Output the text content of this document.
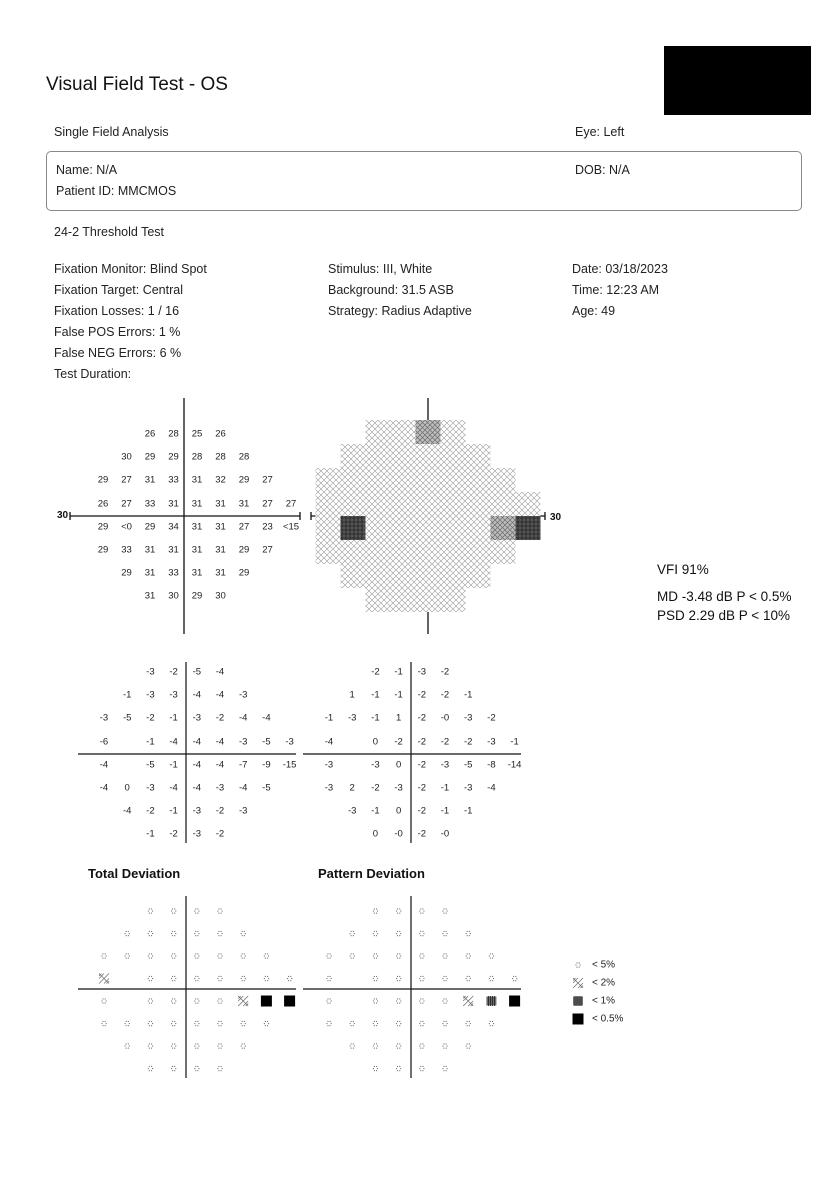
Visual Field Test - OS
Single Field Analysis	Eye: Left
Name: N/A
Patient ID: MMCMOS
DOB: N/A
24-2 Threshold Test
Fixation Monitor: Blind Spot
Fixation Target: Central
Fixation Losses: 1 / 16
False POS Errors: 1 %
False NEG Errors: 6 %
Test Duration:
Stimulus: III, White
Background: 31.5 ASB
Strategy: Radius Adaptive
Date: 03/18/2023
Time: 12:23 AM
Age: 49
26	28	25	26
30	29	29	28	28	28
29	27	31	33	31	32	29	27
26	27	33	31	31	31	31	27	27
29	<0	29	34	31	31	27	23	<15
29	33	31	31	31	31	29	27
29	31	33	31	31	29
31	30	29	30
30	30
VFI 91%
MD -3.48 dB P < 0.5%
PSD 2.29 dB P < 10%
-3	-2	-5	-4
-1	-3	-3	-4	-4	-3
-3	-5	-2	-1	-3	-2	-4	-4
-6	-1	-4	-4	-4	-3	-5	-3
-4	-5	-1	-4	-4	-7	-9	-15
-4	0	-3	-4	-4	-3	-4	-5
-4	-2	-1	-3	-2	-3
-1	-2	-3	-2
-2	-1	-3	-2
1	-1	-1	-2	-2	-1
-1	-3	-1	1	-2	-0	-3	-2
-4	0	-2	-2	-2	-2	-3	-1
-3	-3	0	-2	-3	-5	-8	-14
-3	2	-2	-3	-2	-1	-3	-4
-3	-1	0	-2	-1	-1
0	-0	-2	-0
Total Deviation	Pattern Deviation
< 5%
< 2%
< 1%
< 0.5%
